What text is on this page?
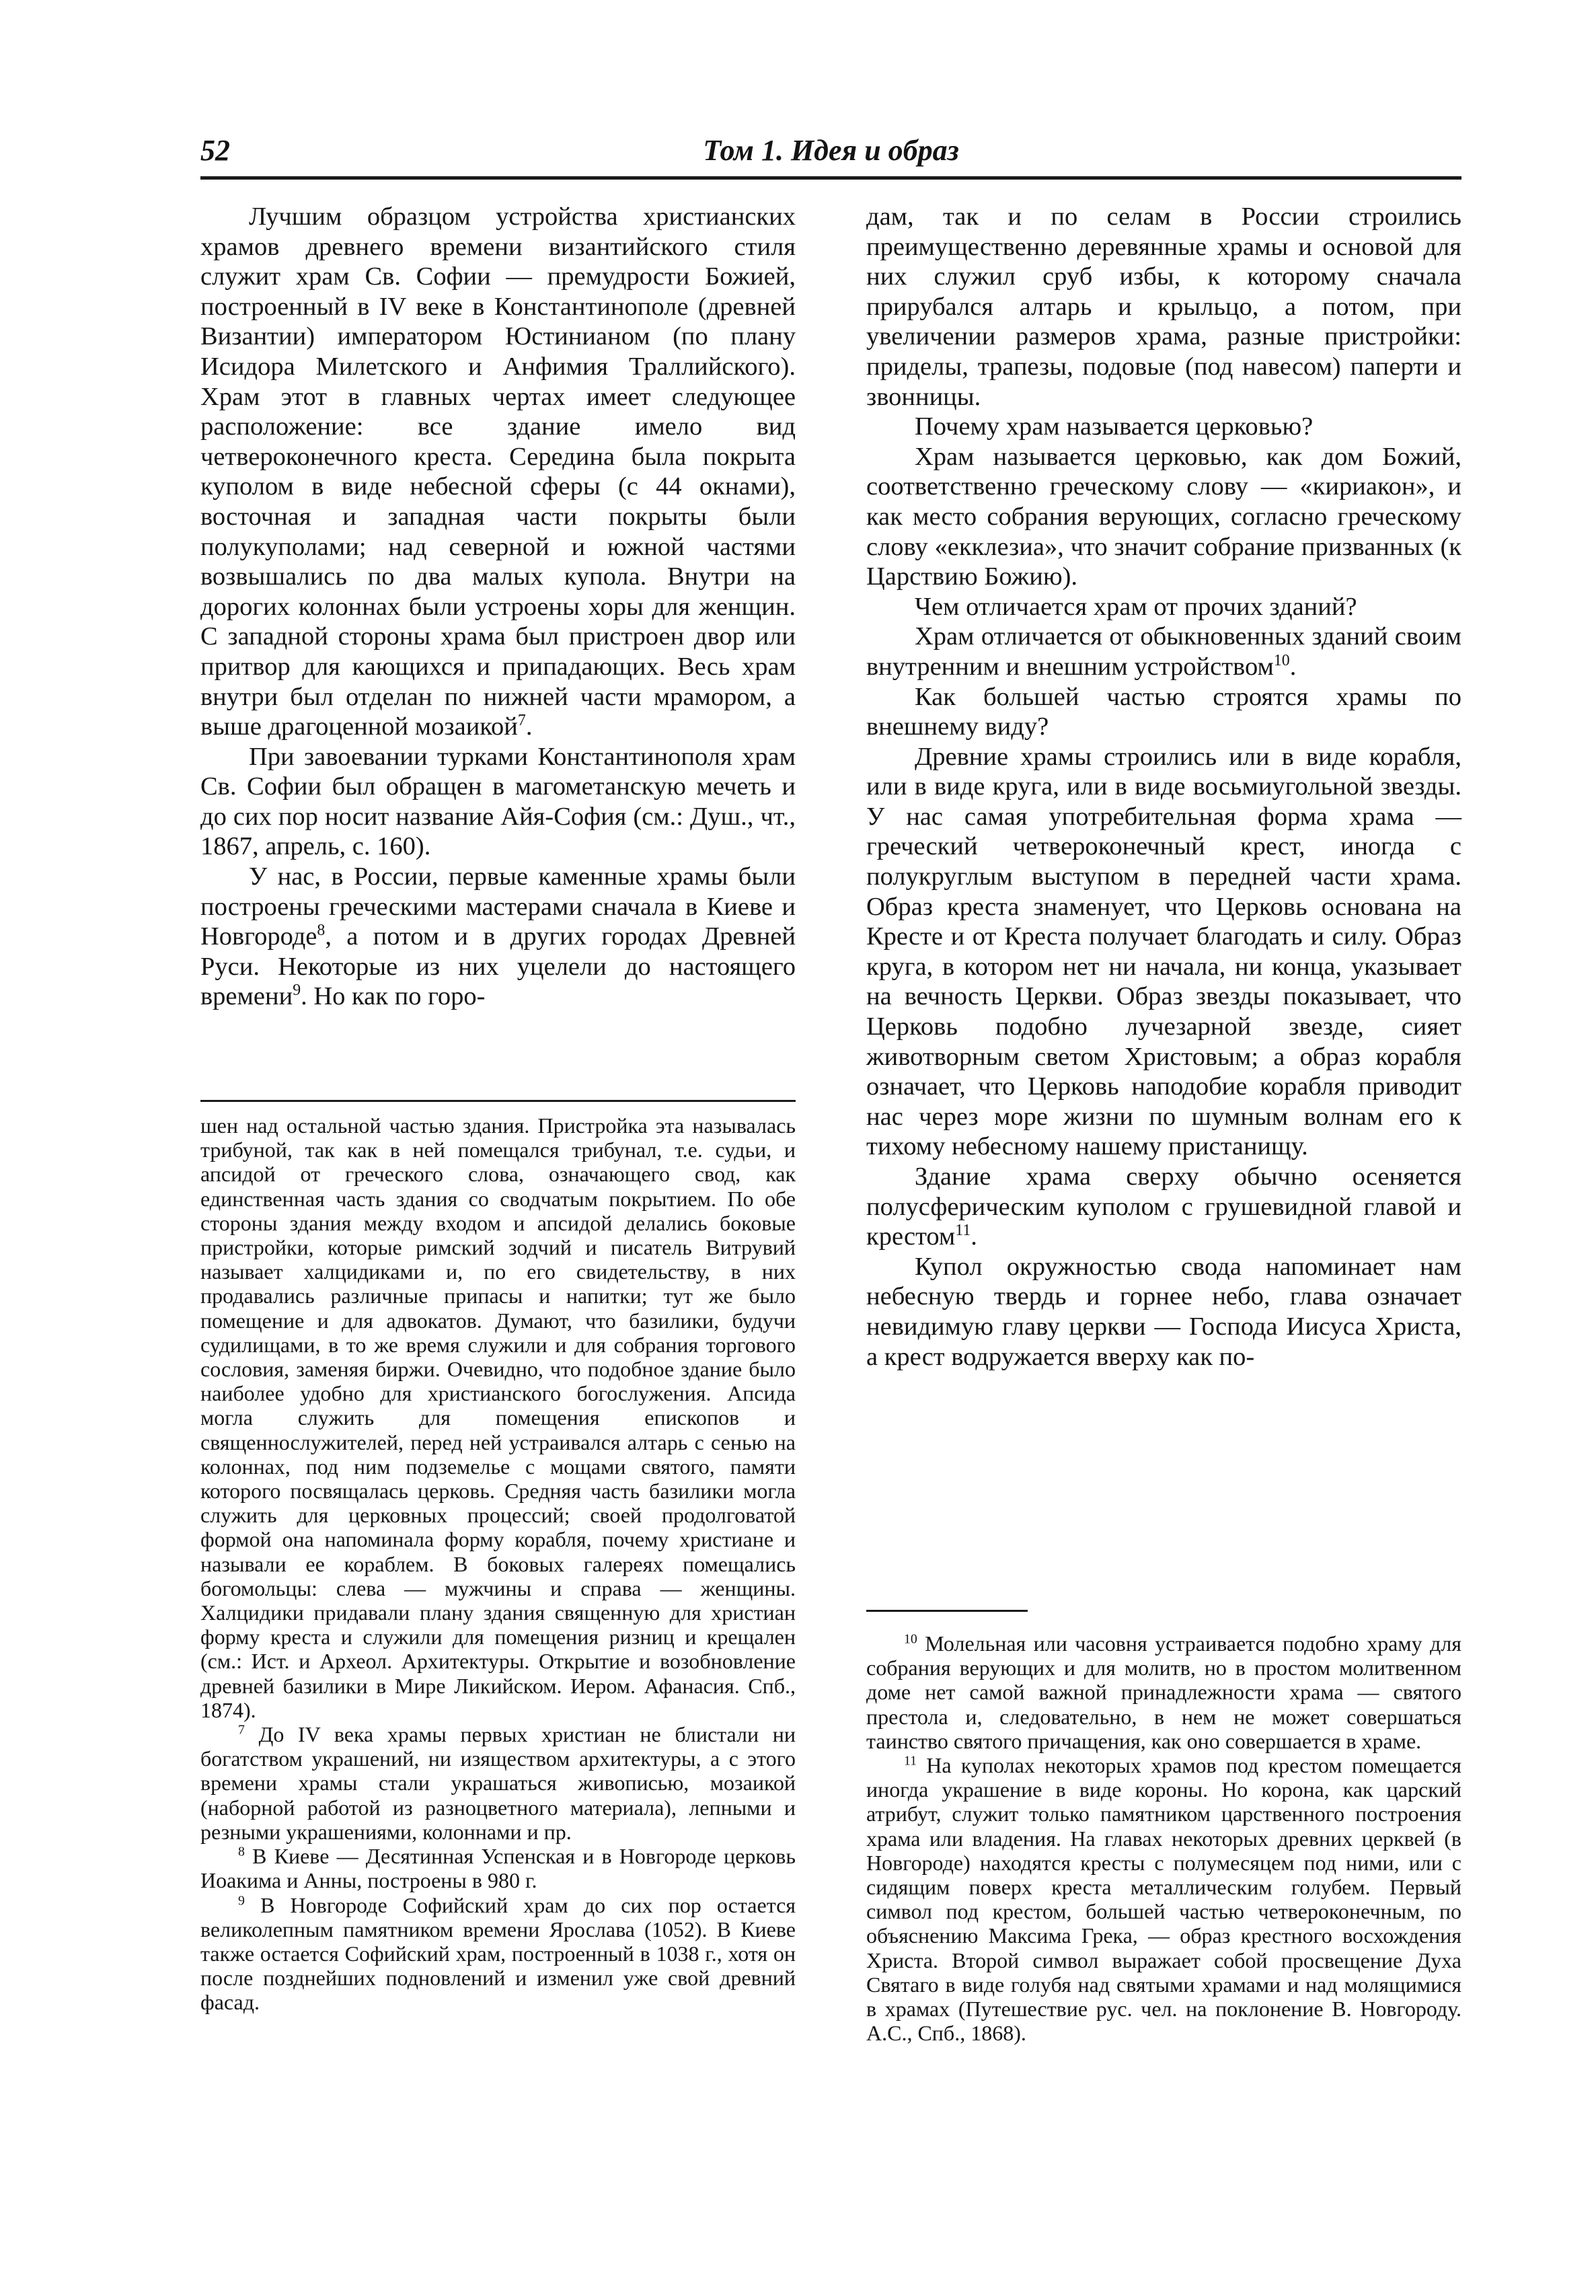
52	Том 1. Идея и образ

Лучшим образцом устройства христианских храмов древнего времени византийского стиля служит храм Св. Софии — премудрости Божией, построенный в IV веке в Константинополе (древней Византии) императором Юстинианом (по плану Исидора Милетского и Анфимия Траллийского). Храм этот в главных чертах имеет следующее расположение: все здание имело вид четвероконечного креста. Середина была покрыта куполом в виде небесной сферы (с 44 окнами), восточная и западная части покрыты были полукуполами; над северной и южной частями возвышались по два малых купола. Внутри на дорогих колоннах были устроены хоры для женщин. С западной стороны храма был пристроен двор или притвор для кающихся и припадающих. Весь храм внутри был отделан по нижней части мрамором, а выше драгоценной мозаикой$^7$.

При завоевании турками Константинополя храм Св. Софии был обращен в магометанскую мечеть и до сих пор носит название Айя-София (см.: Душ., чт., 1867, апрель, с. 160).

У нас, в России, первые каменные храмы были построены греческими мастерами сначала в Киеве и Новгороде$^8$, а потом и в других городах Древней Руси. Некоторые из них уцелели до настоящего времени$^9$. Но как по горо-

шен над остальной частью здания. Пристройка эта называлась трибуной, так как в ней помещался трибунал, т.е. судьи, и апсидой от греческого слова, означающего свод, как единственная часть здания со сводчатым покрытием. По обе стороны здания между входом и апсидой делались боковые пристройки, которые римский зодчий и писатель Витрувий называет халцидиками и, по его свидетельству, в них продавались различные припасы и напитки; тут же было помещение и для адвокатов. Думают, что базилики, будучи судилищами, в то же время служили и для собрания торгового сословия, заменяя биржи. Очевидно, что подобное здание было наиболее удобно для христианского богослужения. Апсида могла служить для помещения епископов и священнослужителей, перед ней устраивался алтарь с сенью на колоннах, под ним подземелье с мощами святого, памяти которого посвящалась церковь. Средняя часть базилики могла служить для церковных процессий; своей продолговатой формой она напоминала форму корабля, почему христиане и называли ее кораблем. В боковых галереях помещались богомольцы: слева — мужчины и справа — женщины. Халцидики придавали плану здания священную для христиан форму креста и служили для помещения ризниц и крещален (см.: Ист. и Археол. Архитектуры. Открытие и возобновление древней базилики в Мире Ликийском. Иером. Афанасия. Спб., 1874).

$^7$ До IV века храмы первых христиан не блистали ни богатством украшений, ни изяществом архитектуры, а с этого времени храмы стали украшаться живописью, мозаикой (наборной работой из разноцветного материала), лепными и резными украшениями, колоннами и пр.

$^8$ В Киеве — Десятинная Успенская и в Новгороде церковь Иоакима и Анны, построены в 980 г.

$^9$ В Новгороде Софийский храм до сих пор остается великолепным памятником времени Ярослава (1052). В Киеве также остается Софийский храм, построенный в 1038 г., хотя он после позднейших подновлений и изменил уже свой древний фасад.

дам, так и по селам в России строились преимущественно деревянные храмы и основой для них служил сруб избы, к которому сначала прирубался алтарь и крыльцо, а потом, при увеличении размеров храма, разные пристройки: приделы, трапезы, подовые (под навесом) паперти и звонницы.

Почему храм называется церковью?

Храм называется церковью, как дом Божий, соответственно греческому слову — «кириакон», и как место собрания верующих, согласно греческому слову «екклезиа», что значит собрание призванных (к Царствию Божию).

Чем отличается храм от прочих зданий?

Храм отличается от обыкновенных зданий своим внутренним и внешним устройством$^{10}$.

Как большей частью строятся храмы по внешнему виду?

Древние храмы строились или в виде корабля, или в виде круга, или в виде восьмиугольной звезды. У нас самая употребительная форма храма — греческий четвероконечный крест, иногда с полукруглым выступом в передней части храма. Образ креста знаменует, что Церковь основана на Кресте и от Креста получает благодать и силу. Образ круга, в котором нет ни начала, ни конца, указывает на вечность Церкви. Образ звезды показывает, что Церковь подобно лучезарной звезде, сияет животворным светом Христовым; а образ корабля означает, что Церковь наподобие корабля приводит нас через море жизни по шумным волнам его к тихому небесному нашему пристанищу.

Здание храма сверху обычно осеняется полусферическим куполом с грушевидной главой и крестом$^{11}$.

Купол окружностью свода напоминает нам небесную твердь и горнее небо, глава означает невидимую главу церкви — Господа Иисуса Христа, а крест водружается вверху как по-

$^{10}$ Молельная или часовня устраивается подобно храму для собрания верующих и для молитв, но в простом молитвенном доме нет самой важной принадлежности храма — святого престола и, следовательно, в нем не может совершаться таинство святого причащения, как оно совершается в храме.

$^{11}$ На куполах некоторых храмов под крестом помещается иногда украшение в виде короны. Но корона, как царский атрибут, служит только памятником царственного построения храма или владения. На главах некоторых древних церквей (в Новгороде) находятся кресты с полумесяцем под ними, или с сидящим поверх креста металлическим голубем. Первый символ под крестом, большей частью четвероконечным, по объяснению Максима Грека, — образ крестного восхождения Христа. Второй символ выражает собой просвещение Духа Святаго в виде голубя над святыми храмами и над молящимися в храмах (Путешествие рус. чел. на поклонение В. Новгороду. А.С., Спб., 1868).
